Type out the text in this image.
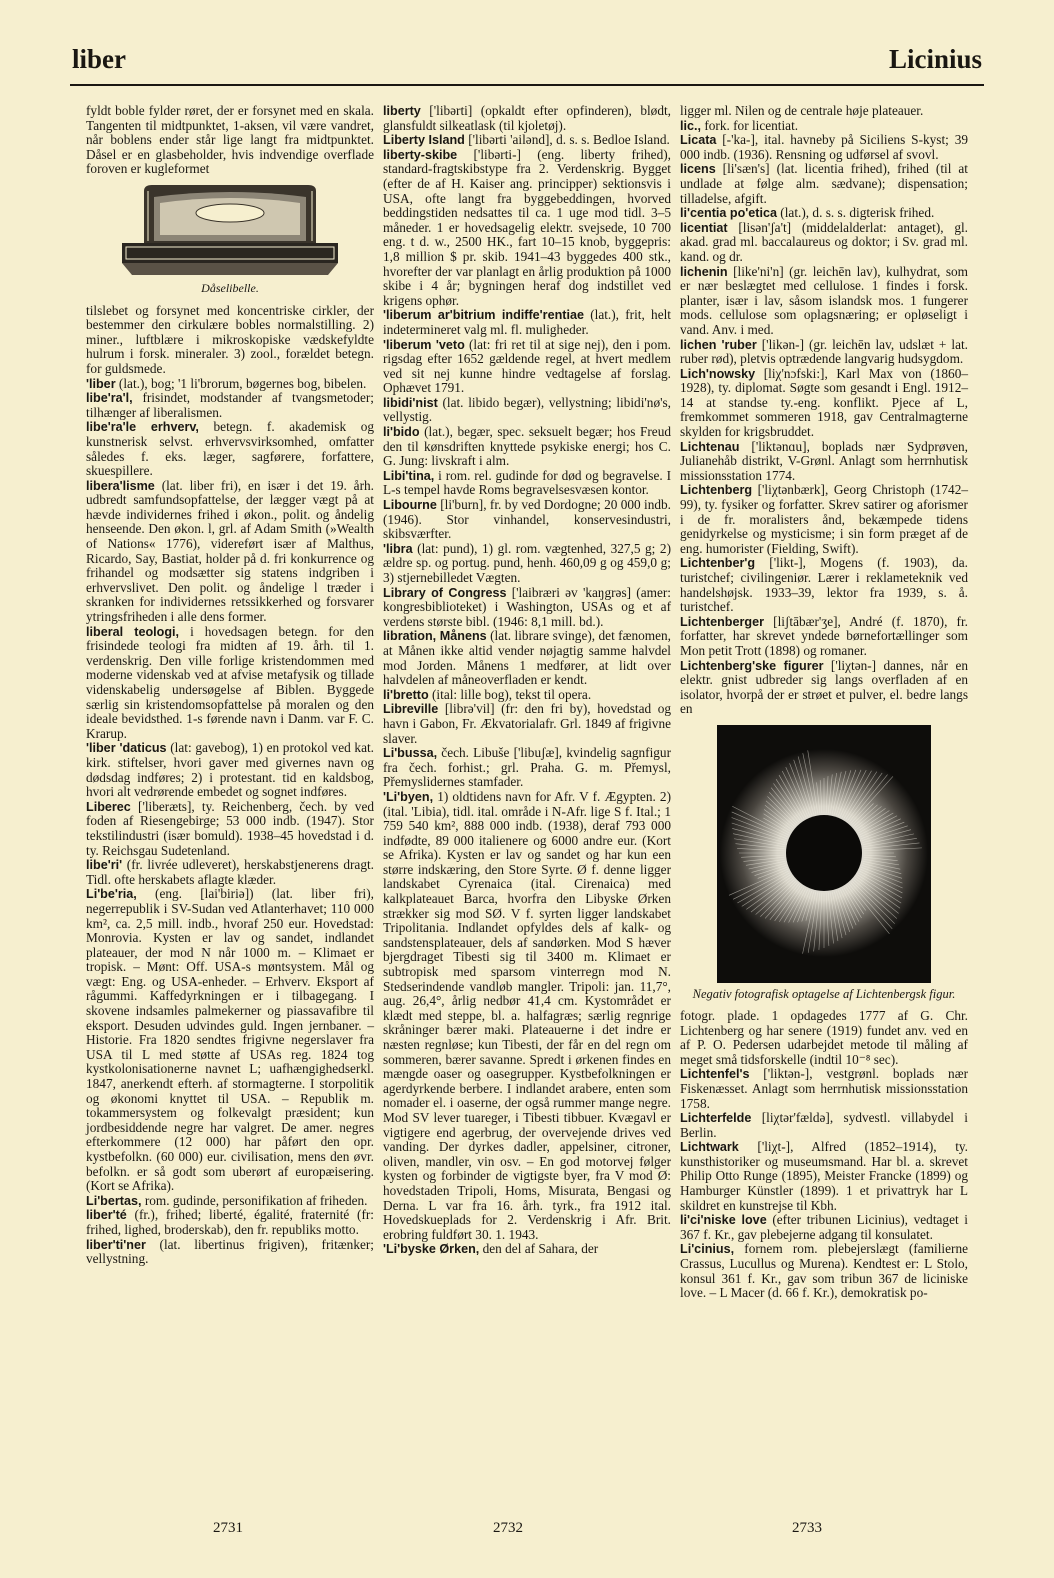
liber	Licinius

fyldt boble fylder røret, der er forsynet med en skala. Tangenten til midtpunktet, 1-aksen, vil være vandret, når boblens ender står lige langt fra midtpunktet. Dåsel er en glasbeholder, hvis indvendige overflade foroven er kugleformet

Dåselibelle.

tilslebet og forsynet med koncentriske cirkler, der bestemmer den cirkulære bobles normalstilling. 2) miner., luftblære i mikroskopiske vædskefyldte hulrum i forsk. mineraler. 3) zool., forældet betegn. for guldsmede.

'liber (lat.), bog; '1 li'brorum, bøgernes bog, bibelen.

libe'ra'l, frisindet, modstander af tvangsmetoder; tilhænger af liberalismen.

libe'ra'le erhverv, betegn. f. akademisk og kunstnerisk selvst. erhvervsvirksomhed, omfatter således f. eks. læger, sagførere, forfattere, skuespillere.

libera'lisme (lat. liber fri), en især i det 19. årh. udbredt samfundsopfattelse, der lægger vægt på at hævde individernes frihed i økon., polit. og åndelig henseende. Den økon. l, grl. af Adam Smith (»Wealth of Nations« 1776), videreført især af Malthus, Ricardo, Say, Bastiat, holder på d. fri konkurrence og frihandel og modsætter sig statens indgriben i erhvervslivet. Den polit. og åndelige l træder i skranken for individernes retssikkerhed og forsvarer ytringsfriheden i alle dens former.

liberal teologi, i hovedsagen betegn. for den frisindede teologi fra midten af 19. årh. til 1. verdenskrig. Den ville forlige kristendommen med moderne videnskab ved at afvise metafysik og tillade videnskabelig undersøgelse af Biblen. Byggede særlig sin kristendomsopfattelse på moralen og den ideale bevidsthed. 1-s førende navn i Danm. var F. C. Krarup.

'liber 'daticus (lat: gavebog), 1) en protokol ved kat. kirk. stiftelser, hvori gaver med givernes navn og dødsdag indføres; 2) i protestant. tid en kaldsbog, hvori alt vedrørende embedet og sognet indføres.

Liberec ['liberæts], ty. Reichenberg, čech. by ved foden af Riesengebirge; 53 000 indb. (1947). Stor tekstilindustri (især bomuld). 1938–45 hovedstad i d. ty. Reichsgau Sudetenland.

libe'ri' (fr. livrée udleveret), herskabstjenerens dragt. Tidl. ofte herskabets aflagte klæder.

Li'be'ria, (eng. [lai'biriə]) (lat. liber fri), negerrepublik i SV-Sudan ved Atlanterhavet; 110 000 km², ca. 2,5 mill. indb., hvoraf 250 eur. Hovedstad: Monrovia. Kysten er lav og sandet, indlandet plateauer, der mod N når 1000 m. – Klimaet er tropisk. – Mønt: Off. USA-s møntsystem. Mål og vægt: Eng. og USA-enheder. – Erhverv. Eksport af rågummi. Kaffedyrkningen er i tilbagegang. I skovene indsamles palmekerner og piassavafibre til eksport. Desuden udvindes guld. Ingen jernbaner. – Historie. Fra 1820 sendtes frigivne negerslaver fra USA til L med støtte af USAs reg. 1824 tog kystkolonisationerne navnet L; uafhængighedserkl. 1847, anerkendt efterh. af stormagterne. I storpolitik og økonomi knyttet til USA. – Republik m. tokammersystem og folkevalgt præsident; kun jordbesiddende negre har valgret. De amer. negres efterkommere (12 000) har påført den opr. kystbefolkn. (60 000) eur. civilisation, mens den øvr. befolkn. er så godt som uberørt af europæisering. (Kort se Afrika).

Li'bertas, rom. gudinde, personifikation af friheden.

liber'té (fr.), frihed; liberté, égalité, fraternité (fr: frihed, lighed, broderskab), den fr. republiks motto.

liber'ti'ner (lat. libertinus frigiven), fritænker; vellystning.

liberty ['libərti] (opkaldt efter opfinderen), blødt, glansfuldt silkeatlask (til kjoletøj).

Liberty Island ['libərti 'ailənd], d. s. s. Bedloe Island.

liberty-skibe ['libərti-] (eng. liberty frihed), standard-fragtskibstype fra 2. Verdenskrig. Bygget (efter de af H. Kaiser ang. principper) sektionsvis i USA, ofte langt fra byggebeddingen, hvorved beddingstiden nedsattes til ca. 1 uge mod tidl. 3–5 måneder. 1 er hovedsagelig elektr. svejsede, 10 700 eng. t d. w., 2500 HK., fart 10–15 knob, byggepris: 1,8 million $ pr. skib. 1941–43 byggedes 400 stk., hvorefter der var planlagt en årlig produktion på 1000 skibe i 4 år; bygningen heraf dog indstillet ved krigens ophør.

'liberum ar'bitrium indiffe'rentiae (lat.), frit, helt indetermineret valg ml. fl. muligheder.

'liberum 'veto (lat: fri ret til at sige nej), den i pom. rigsdag efter 1652 gældende regel, at hvert medlem ved sit nej kunne hindre vedtagelse af forslag. Ophævet 1791.

libidi'nist (lat. libido begær), vellystning; libidi'nø's, vellystig.

li'bido (lat.), begær, spec. seksuelt begær; hos Freud den til kønsdriften knyttede psykiske energi; hos C. G. Jung: livskraft i alm.

Libi'tina, i rom. rel. gudinde for død og begravelse. I L-s tempel havde Roms begravelsesvæsen kontor.

Libourne [li'burn], fr. by ved Dordogne; 20 000 indb. (1946). Stor vinhandel, konservesindustri, skibsværfter.

'libra (lat: pund), 1) gl. rom. vægtenhed, 327,5 g; 2) ældre sp. og portug. pund, henh. 460,09 g og 459,0 g; 3) stjernebilledet Vægten.

Library of Congress ['laibræri əv 'kaŋgrəs] (amer: kongresbiblioteket) i Washington, USAs og et af verdens største bibl. (1946: 8,1 mill. bd.).

libration, Månens (lat. librare svinge), det fænomen, at Månen ikke altid vender nøjagtig samme halvdel mod Jorden. Månens 1 medfører, at lidt over halvdelen af måneoverfladen er kendt.

li'bretto (ital: lille bog), tekst til opera.

Libreville [librə'vil] (fr: den fri by), hovedstad og havn i Gabon, Fr. Ækvatorialafr. Grl. 1849 af frigivne slaver.

Li'bussa, čech. Libuše ['libuʃæ], kvindelig sagnfigur fra čech. forhist.; grl. Praha. G. m. Přemysl, Přemyslidernes stamfader.

'Li'byen, 1) oldtidens navn for Afr. V f. Ægypten. 2) (ital. 'Libia), tidl. ital. område i N-Afr. lige S f. Ital.; 1 759 540 km², 888 000 indb. (1938), deraf 793 000 indfødte, 89 000 italienere og 6000 andre eur. (Kort se Afrika). Kysten er lav og sandet og har kun een større indskæring, den Store Syrte. Ø f. denne ligger landskabet Cyrenaica (ital. Cirenaica) med kalkplateauet Barca, hvorfra den Libyske Ørken strækker sig mod SØ. V f. syrten ligger landskabet Tripolitania. Indlandet opfyldes dels af kalk- og sandstensplateauer, dels af sandørken. Mod S hæver bjergdraget Tibesti sig til 3400 m. Klimaet er subtropisk med sparsom vinterregn mod N. Stedserindende vandløb mangler. Tripoli: jan. 11,7°, aug. 26,4°, årlig nedbør 41,4 cm. Kystområdet er klædt med steppe, bl. a. halfagræs; særlig regnrige skråninger bærer maki. Plateauerne i det indre er næsten regnløse; kun Tibesti, der får en del regn om sommeren, bærer savanne. Spredt i ørkenen findes en mængde oaser og oasegrupper. Kystbefolkningen er agerdyrkende berbere. I indlandet arabere, enten som nomader el. i oaserne, der også rummer mange negre. Mod SV lever tuareger, i Tibesti tibbuer. Kvægavl er vigtigere end agerbrug, der overvejende drives ved vanding. Der dyrkes dadler, appelsiner, citroner, oliven, mandler, vin osv. – En god motorvej følger kysten og forbinder de vigtigste byer, fra V mod Ø: hovedstaden Tripoli, Homs, Misurata, Bengasi og Derna. L var fra 16. årh. tyrk., fra 1912 ital. Hovedskueplads for 2. Verdenskrig i Afr. Brit. erobring fuldført 30. 1. 1943.

'Li'byske Ørken, den del af Sahara, der

ligger ml. Nilen og de centrale høje plateauer.

lic., fork. for licentiat.

Licata [-'ka-], ital. havneby på Siciliens S-kyst; 39 000 indb. (1936). Rensning og udførsel af svovl.

licens [li'sæn's] (lat. licentia frihed), frihed (til at undlade at følge alm. sædvane); dispensation; tilladelse, afgift.

li'centia po'etica (lat.), d. s. s. digterisk frihed.

licentiat [lisən'ʃa't] (middelalderlat: antaget), gl. akad. grad ml. baccalaureus og doktor; i Sv. grad ml. kand. og dr.

lichenin [like'ni'n] (gr. leichēn lav), kulhydrat, som er nær beslægtet med cellulose. 1 findes i forsk. planter, især i lav, såsom islandsk mos. 1 fungerer mods. cellulose som oplagsnæring; er opløseligt i vand. Anv. i med.

lichen 'ruber ['likən-] (gr. leichēn lav, udslæt + lat. ruber rød), pletvis optrædende langvarig hudsygdom.

Lich'nowsky [liχ'nɔfski:], Karl Max von (1860–1928), ty. diplomat. Søgte som gesandt i Engl. 1912–14 at standse ty.-eng. konflikt. Pjece af L, fremkommet sommeren 1918, gav Centralmagterne skylden for krigsbruddet.

Lichtenau ['liktənɑu], boplads nær Sydprøven, Julianehåb distrikt, V-Grønl. Anlagt som herrnhutisk missionsstation 1774.

Lichtenberg ['liχtənbærk], Georg Christoph (1742–99), ty. fysiker og forfatter. Skrev satirer og aforismer i de fr. moralisters ånd, bekæmpede tidens genidyrkelse og mysticisme; i sin form præget af de eng. humorister (Fielding, Swift).

Lichtenber'g ['likt-], Mogens (f. 1903), da. turistchef; civilingeniør. Lærer i reklameteknik ved handelshøjsk. 1933–39, lektor fra 1939, s. å. turistchef.

Lichtenberger [liʃtābær'ʒe], André (f. 1870), fr. forfatter, har skrevet yndede børnefortællinger som Mon petit Trott (1898) og romaner.

Lichtenberg'ske figurer ['liχtən-] dannes, når en elektr. gnist udbreder sig langs overfladen af en isolator, hvorpå der er strøet et pulver, el. bedre langs en

Negativ fotografisk optagelse af Lichtenbergsk figur.

fotogr. plade. 1 opdagedes 1777 af G. Chr. Lichtenberg og har senere (1919) fundet anv. ved en af P. O. Pedersen udarbejdet metode til måling af meget små tidsforskelle (indtil 10⁻⁸ sec).

Lichtenfel's ['liktən-], vestgrønl. boplads nær Fiskenæsset. Anlagt som herrnhutisk missionsstation 1758.

Lichterfelde [liχtər'fældə], sydvestl. villabydel i Berlin.

Lichtwark ['liχt-], Alfred (1852–1914), ty. kunsthistoriker og museumsmand. Har bl. a. skrevet Philip Otto Runge (1895), Meister Francke (1899) og Hamburger Künstler (1899). 1 et privattryk har L skildret en kunstrejse til Kbh.

li'ci'niske love (efter tribunen Licinius), vedtaget i 367 f. Kr., gav plebejerne adgang til konsulatet.

Li'cinius, fornem rom. plebejerslægt (familierne Crassus, Lucullus og Murena). Kendtest er: L Stolo, konsul 361 f. Kr., gav som tribun 367 de liciniske love. – L Macer (d. 66 f. Kr.), demokratisk po-

2731	2732	2733
